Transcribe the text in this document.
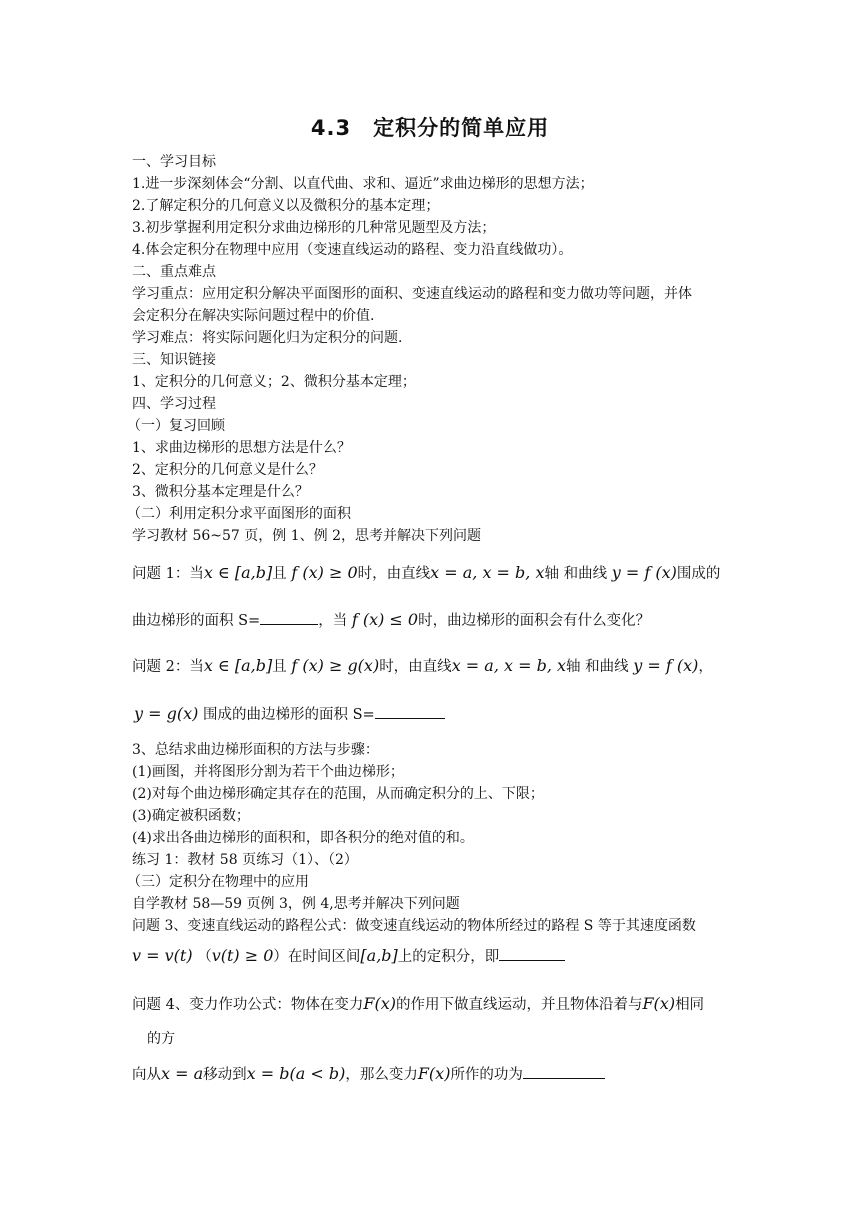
4.3　定积分的简单应用
一、学习目标
1.进一步深刻体会“分割、以直代曲、求和、逼近”求曲边梯形的思想方法；
2.了解定积分的几何意义以及微积分的基本定理；
3.初步掌握利用定积分求曲边梯形的几种常见题型及方法；
4.体会定积分在物理中应用（变速直线运动的路程、变力沿直线做功）。
二、重点难点
学习重点：应用定积分解决平面图形的面积、变速直线运动的路程和变力做功等问题，并体
会定积分在解决实际问题过程中的价值.
学习难点：将实际问题化归为定积分的问题.
三、知识链接
1、定积分的几何意义；2、微积分基本定理；
四、学习过程
（一）复习回顾
1、求曲边梯形的思想方法是什么？
2、定积分的几何意义是什么？
3、微积分基本定理是什么？
（二）利用定积分求平面图形的面积
学习教材 56~57 页，例 1、例 2，思考并解决下列问题
问题 1：当x ∈ [a,b]且 f (x) ≥ 0时，由直线x = a, x = b, x轴 和曲线 y = f (x)围成的
曲边梯形的面积 S=	，当 f (x) ≤ 0时，曲边梯形的面积会有什么变化？
问题 2：当x ∈ [a,b]且 f (x) ≥ g(x)时，由直线x = a, x = b, x轴 和曲线 y = f (x)，
y = g(x) 围成的曲边梯形的面积 S=
3、总结求曲边梯形面积的方法与步骤：
(1)画图，并将图形分割为若干个曲边梯形；
(2)对每个曲边梯形确定其存在的范围，从而确定积分的上、下限；
(3)确定被积函数；
(4)求出各曲边梯形的面积和，即各积分的绝对值的和。
练习 1：教材 58 页练习（1）、（2）
（三）定积分在物理中的应用
自学教材 58—59 页例 3，例 4,思考并解决下列问题
问题 3、变速直线运动的路程公式：做变速直线运动的物体所经过的路程 S 等于其速度函数
v = v(t) （v(t) ≥ 0）在时间区间[a,b]上的定积分，即
问题 4、变力作功公式：物体在变力F(x)的作用下做直线运动，并且物体沿着与F(x)相同
的方
向从x = a移动到x = b(a < b)，那么变力F(x)所作的功为
